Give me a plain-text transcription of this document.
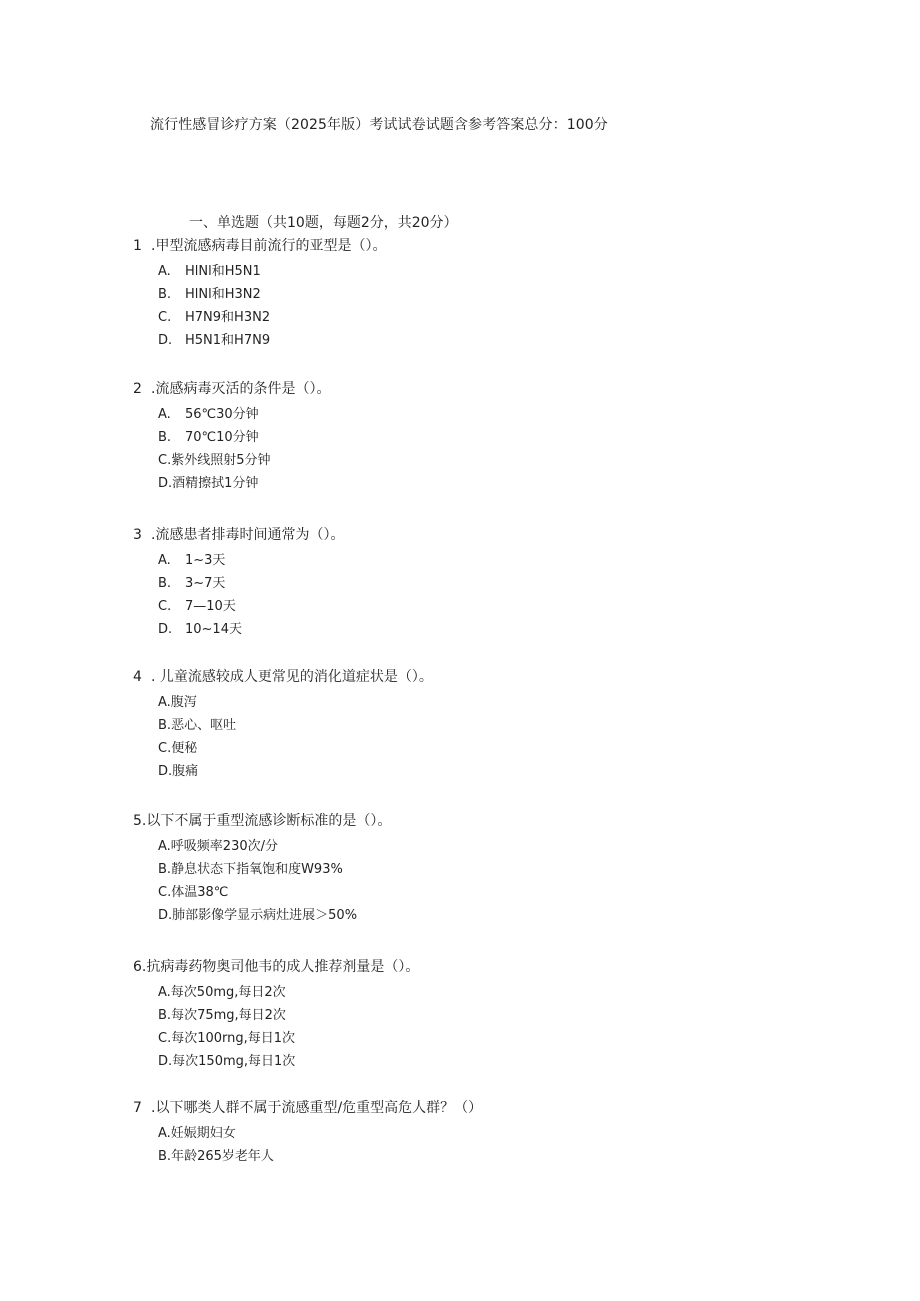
流行性感冒诊疗方案（2025年版）考试试卷试题含参考答案总分：100分
一、单选题（共10题，每题2分，共20分）
1 .甲型流感病毒目前流行的亚型是（）。
A. HlNl和H5N1
B. HlNl和H3N2
C. H7N9和H3N2
D. H5N1和H7N9
2 .流感病毒灭活的条件是（）。
A. 56℃30分钟
B. 70℃10分钟
C.紫外线照射5分钟
D.酒精擦拭1分钟
3 .流感患者排毒时间通常为（）。
A. 1~3天
B. 3~7天
C. 7—10天
D. 10~14天
4 . 儿童流感较成人更常见的消化道症状是（）。
A.腹泻
B.恶心、呕吐
C.便秘
D.腹痛
5.以下不属于重型流感诊断标准的是（）。
A.呼吸频率230次/分
B.静息状态下指氧饱和度W93%
C.体温38℃
D.肺部影像学显示病灶进展＞50%
6.抗病毒药物奥司他韦的成人推荐剂量是（）。
A.每次50mg,每日2次
B.每次75mg,每日2次
C.每次100rng,每日1次
D.每次150mg,每日1次
7 .以下哪类人群不属于流感重型/危重型高危人群？（）
A.妊娠期妇女
B.年龄265岁老年人
